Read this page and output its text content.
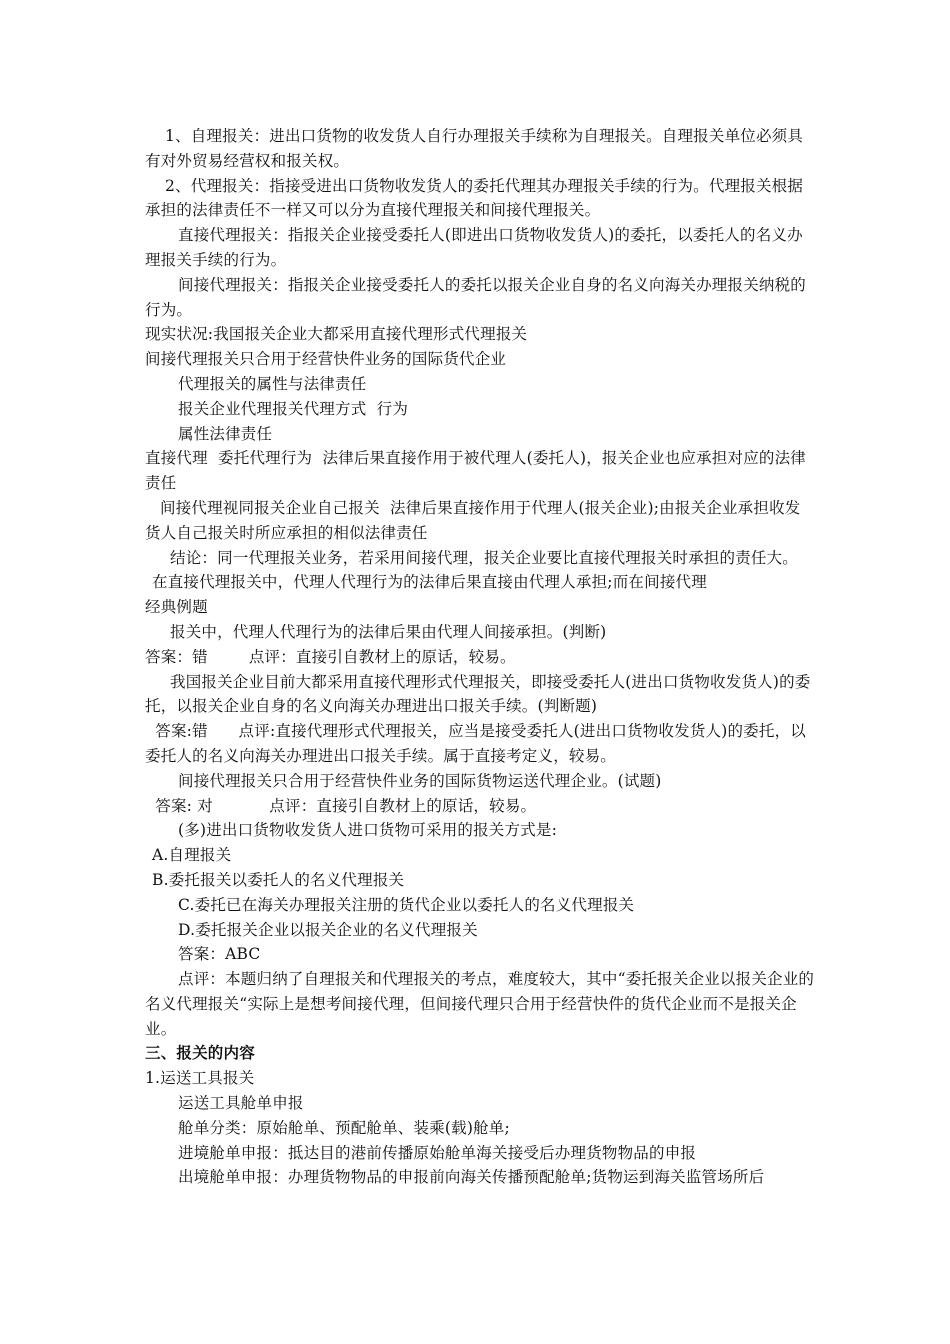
1、自理报关：进出口货物的收发货人自行办理报关手续称为自理报关。自理报关单位必须具有对外贸易经营权和报关权。

2、代理报关：指接受进出口货物收发货人的委托代理其办理报关手续的行为。代理报关根据承担的法律责任不一样又可以分为直接代理报关和间接代理报关。

直接代理报关：指报关企业接受委托人(即进出口货物收发货人)的委托，以委托人的名义办理报关手续的行为。

间接代理报关：指报关企业接受委托人的委托以报关企业自身的名义向海关办理报关纳税的行为。

现实状况:我国报关企业大都采用直接代理形式代理报关

间接代理报关只合用于经营快件业务的国际货代企业

代理报关的属性与法律责任

报关企业代理报关代理方式  行为

属性法律责任

直接代理  委托代理行为  法律后果直接作用于被代理人(委托人)，报关企业也应承担对应的法律责任

间接代理视同报关企业自己报关  法律后果直接作用于代理人(报关企业);由报关企业承担收发货人自己报关时所应承担的相似法律责任

结论：同一代理报关业务，若采用间接代理，报关企业要比直接代理报关时承担的责任大。

在直接代理报关中，代理人代理行为的法律后果直接由代理人承担;而在间接代理

经典例题

报关中，代理人代理行为的法律后果由代理人间接承担。(判断)

答案：错        点评：直接引自教材上的原话，较易。

我国报关企业目前大都采用直接代理形式代理报关，即接受委托人(进出口货物收发货人)的委托，以报关企业自身的名义向海关办理进出口报关手续。(判断题)

答案:错      点评:直接代理形式代理报关，应当是接受委托人(进出口货物收发货人)的委托，以委托人的名义向海关办理进出口报关手续。属于直接考定义，较易。

间接代理报关只合用于经营快件业务的国际货物运送代理企业。(试题)

答案: 对           点评：直接引自教材上的原话，较易。

(多)进出口货物收发货人进口货物可采用的报关方式是:

A.自理报关

B.委托报关以委托人的名义代理报关

C.委托已在海关办理报关注册的货代企业以委托人的名义代理报关

D.委托报关企业以报关企业的名义代理报关

答案：ABC

点评：本题归纳了自理报关和代理报关的考点，难度较大，其中“委托报关企业以报关企业的名义代理报关“实际上是想考间接代理，但间接代理只合用于经营快件的货代企业而不是报关企业。

三、报关的内容

1.运送工具报关

运送工具舱单申报

舱单分类：原始舱单、预配舱单、装乘(载)舱单;

进境舱单申报：抵达目的港前传播原始舱单海关接受后办理货物物品的申报

出境舱单申报：办理货物物品的申报前向海关传播预配舱单;货物运到海关监管场所后
